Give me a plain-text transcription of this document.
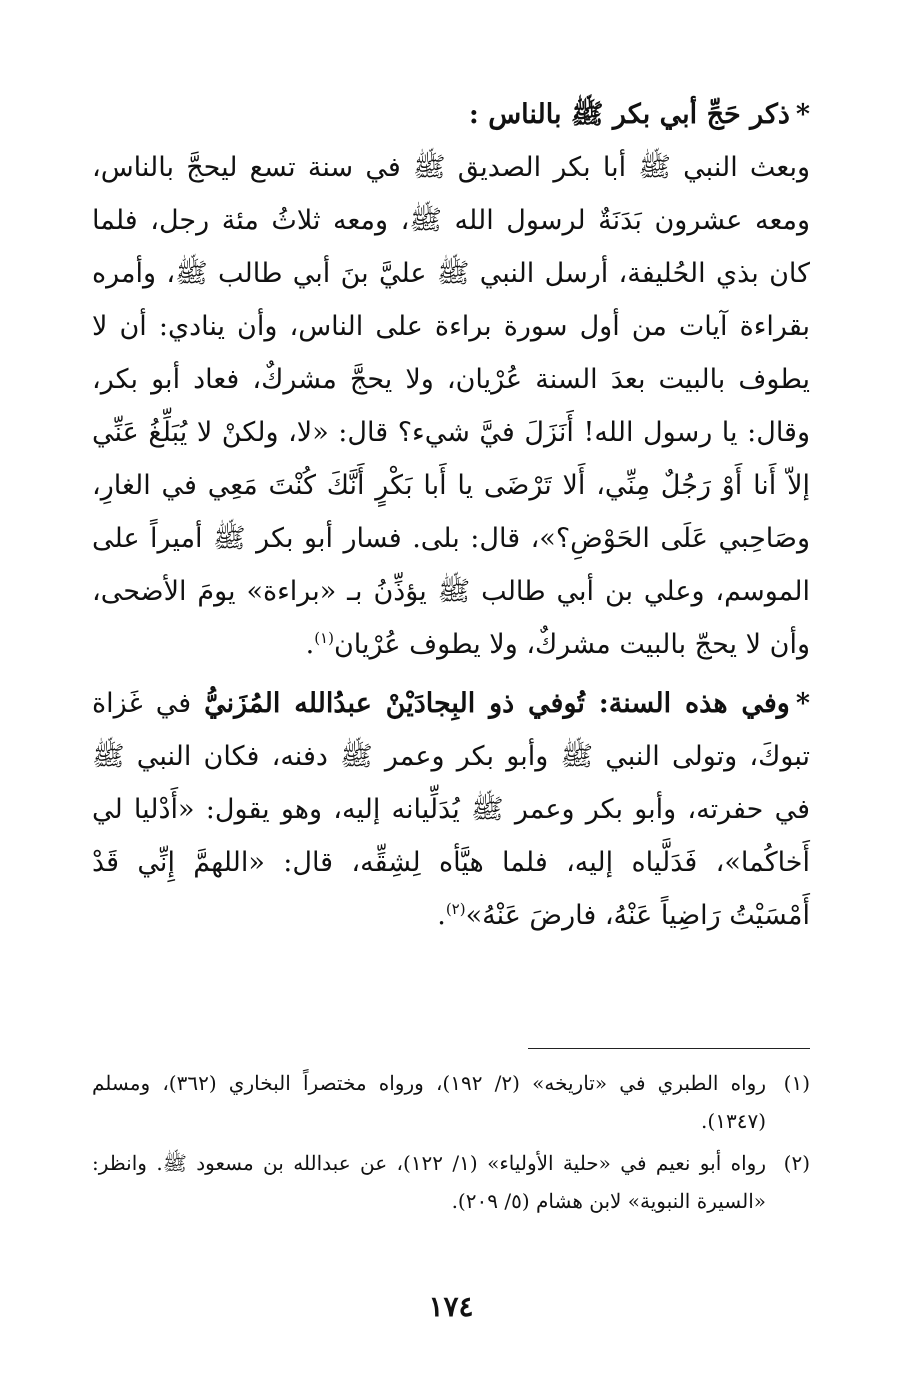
*ذكر حَجِّ أبي بكر ﷺ بالناس :
وبعث النبي ﷺ أبا بكر الصديق ﷺ في سنة تسع ليحجَّ بالناس، ومعه عشرون بَدَنَةٌ لرسول الله ﷺ، ومعه ثلاثُ مئة رجل، فلما كان بذي الحُليفة، أرسل النبي ﷺ عليَّ بنَ أبي طالب ﷺ، وأمره بقراءة آيات من أول سورة براءة على الناس، وأن ينادي: أن لا يطوف بالبيت بعدَ السنة عُرْيان، ولا يحجَّ مشركٌ، فعاد أبو بكر، وقال: يا رسول الله! أَنَزَلَ فيَّ شيء؟ قال: «لا، ولكنْ لا يُبَلِّغُ عَنِّي إلاّ أَنا أَوْ رَجُلٌ مِنِّي، أَلا تَرْضَى يا أَبا بَكْرٍ أَنَّكَ كُنْتَ مَعِي في الغارِ، وصَاحِبي عَلَى الحَوْضِ؟»، قال: بلى. فسار أبو بكر ﷺ أميراً على الموسم، وعلي بن أبي طالب ﷺ يؤذِّنُ بـ «براءة» يومَ الأضحى، وأن لا يحجّ بالبيت مشركٌ، ولا يطوف عُرْيان$^{(١)}$.

*وفي هذه السنة: تُوفي ذو البِجادَيْنْ عبدُالله المُزَنيُّ في غَزاة تبوكَ، وتولى النبي ﷺ وأبو بكر وعمر ﷺ دفنه، فكان النبي ﷺ في حفرته، وأبو بكر وعمر ﷺ يُدَلِّيانه إليه، وهو يقول: «أَدْليا لي أَخاكُما»، فَدَلَّياه إليه، فلما هيَّأه لِشِقِّه، قال: «اللهمَّ إِنِّي قَدْ أَمْسَيْتُ رَاضِياً عَنْهُ، فارضَ عَنْهُ»$^{(٢)}$.

(١)
رواه الطبري في «تاريخه» (٢/ ١٩٢)، ورواه مختصراً البخاري (٣٦٢)، ومسلم (١٣٤٧).
(٢)
رواه أبو نعيم في «حلية الأولياء» (١/ ١٢٢)، عن عبدالله بن مسعود ﷺ. وانظر: «السيرة النبوية» لابن هشام (٥/ ٢٠٩).
١٧٤
